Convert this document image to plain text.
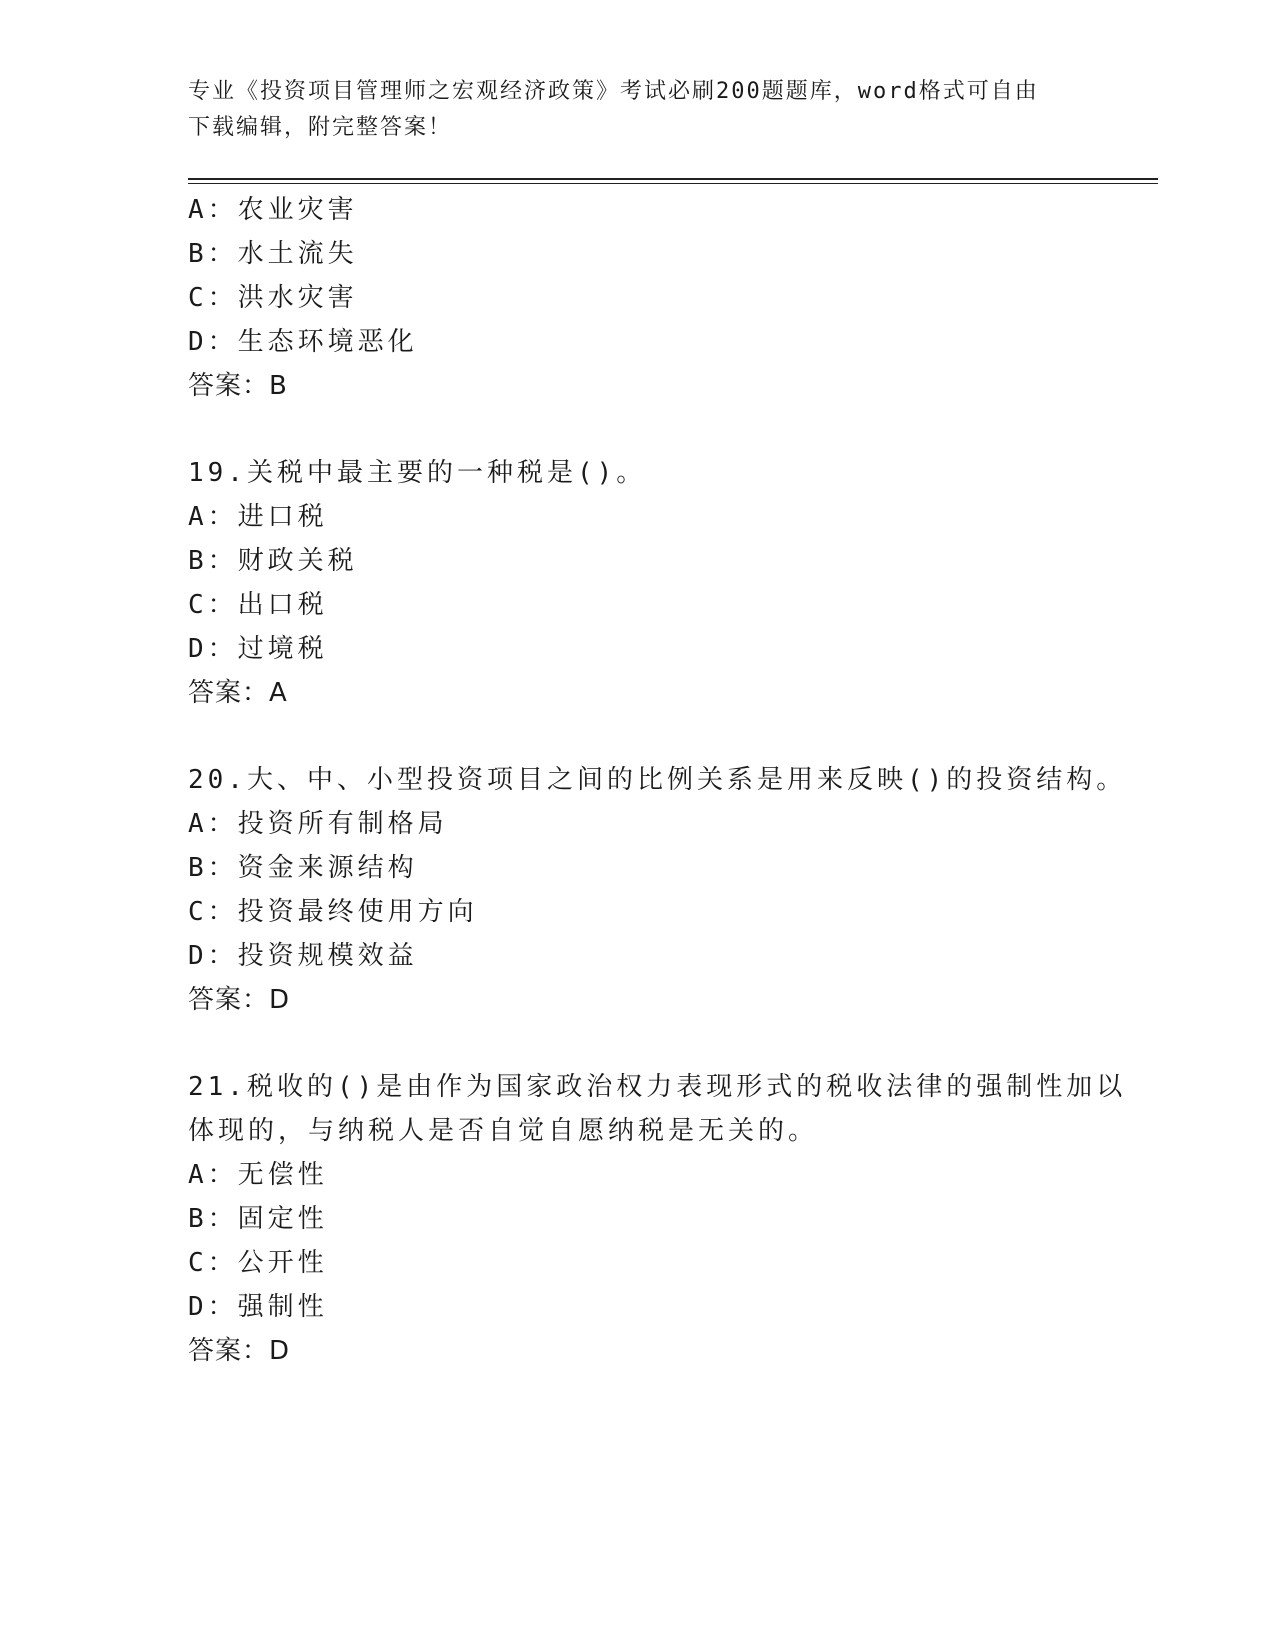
专业《投资项目管理师之宏观经济政策》考试必刷200题题库，word格式可自由
下载编辑，附完整答案！
A：农业灾害
B：水土流失
C：洪水灾害
D：生态环境恶化
答案：B
19.关税中最主要的一种税是()。
A：进口税
B：财政关税
C：出口税
D：过境税
答案：A
20.大、中、小型投资项目之间的比例关系是用来反映()的投资结构。
A：投资所有制格局
B：资金来源结构
C：投资最终使用方向
D：投资规模效益
答案：D
21.税收的()是由作为国家政治权力表现形式的税收法律的强制性加以
体现的，与纳税人是否自觉自愿纳税是无关的。
A：无偿性
B：固定性
C：公开性
D：强制性
答案：D
